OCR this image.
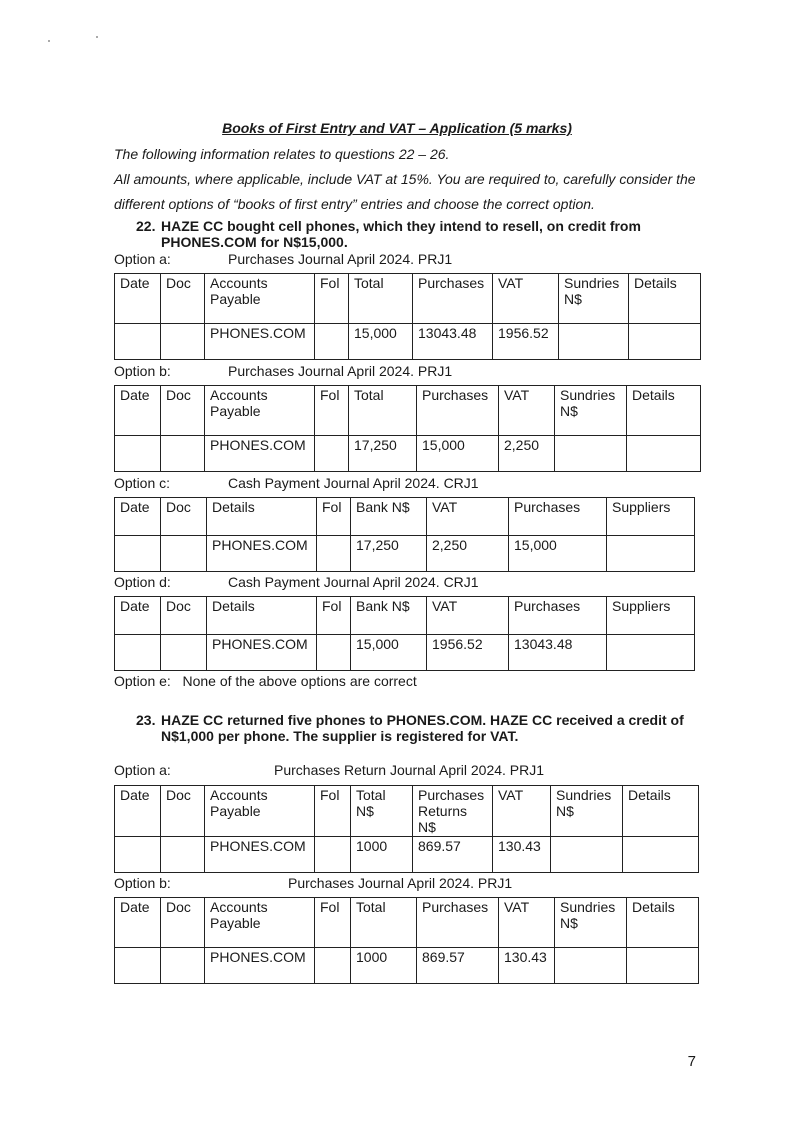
Books of First Entry and VAT – Application (5 marks)
The following information relates to questions 22 – 26.
All amounts, where applicable, include VAT at 15%. You are required to, carefully consider the
different options of “books of first entry” entries and choose the correct option.
22. HAZE CC bought cell phones, which they intend to resell, on credit from
PHONES.COM for N$15,000.
Option a:	Purchases Journal April 2024. PRJ1
Date	Doc	Accounts Payable	Fol	Total	Purchases	VAT	Sundries N$	Details
		PHONES.COM		15,000	13043.48	1956.52		
Option b:	Purchases Journal April 2024. PRJ1
Date	Doc	Accounts Payable	Fol	Total	Purchases	VAT	Sundries N$	Details
		PHONES.COM		17,250	15,000	2,250		
Option c:	Cash Payment Journal April 2024. CRJ1
Date	Doc	Details	Fol	Bank N$	VAT	Purchases	Suppliers
		PHONES.COM		17,250	2,250	15,000	
Option d:	Cash Payment Journal April 2024. CRJ1
Date	Doc	Details	Fol	Bank N$	VAT	Purchases	Suppliers
		PHONES.COM		15,000	1956.52	13043.48	
Option e:   None of the above options are correct
23. HAZE CC returned five phones to PHONES.COM. HAZE CC received a credit of
N$1,000 per phone. The supplier is registered for VAT.
Option a:	Purchases Return Journal April 2024. PRJ1
Date	Doc	Accounts Payable	Fol	Total N$	Purchases Returns N$	VAT	Sundries N$	Details
		PHONES.COM		1000	869.57	130.43		
Option b:	Purchases Journal April 2024. PRJ1
Date	Doc	Accounts Payable	Fol	Total	Purchases	VAT	Sundries N$	Details
		PHONES.COM		1000	869.57	130.43		
7
